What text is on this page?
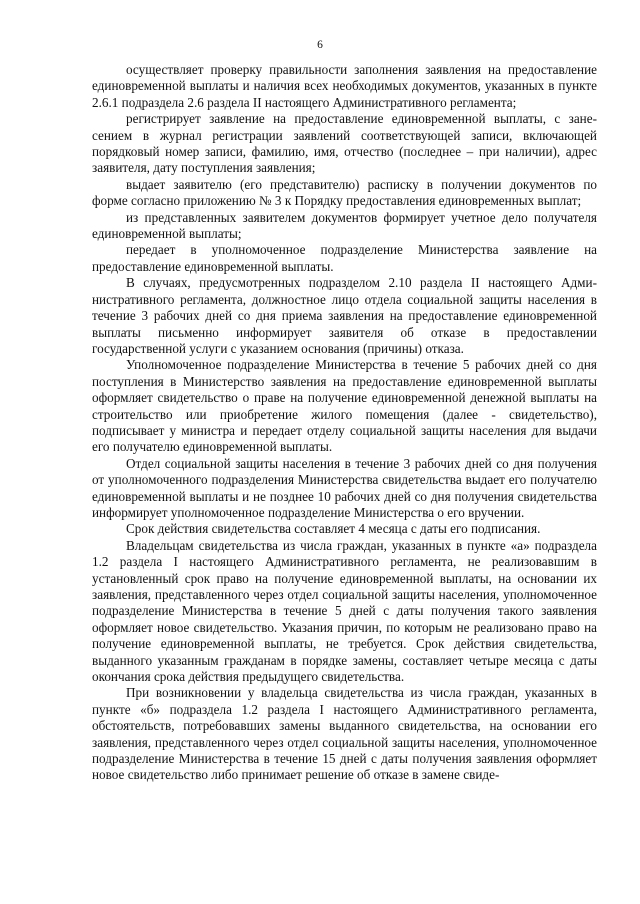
6

осуществляет проверку правильности заполнения заявления на предоставление единовременной выплаты и наличия всех необходимых документов, указанных в пункте 2.6.1 подраздела 2.6 раздела II настоящего Административного регламента;

регистрирует заявление на предоставление единовременной выплаты, с занесением в журнал регистрации заявлений соответствующей записи, включающей порядковый номер записи, фамилию, имя, отчество (последнее – при наличии), адрес заявителя, дату поступления заявления;

выдает заявителю (его представителю) расписку в получении документов по форме согласно приложению № 3 к Порядку предоставления единовременных выплат;

из представленных заявителем документов формирует учетное дело получателя единовременной выплаты;

передает в уполномоченное подразделение Министерства заявление на предоставление единовременной выплаты.

В случаях, предусмотренных подразделом 2.10 раздела II настоящего Административного регламента, должностное лицо отдела социальной защиты населения в течение 3 рабочих дней со дня приема заявления на предоставление единовременной выплаты письменно информирует заявителя об отказе в предоставлении государственной услуги с указанием основания (причины) отказа.

Уполномоченное подразделение Министерства в течение 5 рабочих дней со дня поступления в Министерство заявления на предоставление единовременной выплаты оформляет свидетельство о праве на получение единовременной денежной выплаты на строительство или приобретение жилого помещения (далее - свидетельство), подписывает у министра и передает отделу социальной защиты населения для выдачи его получателю единовременной выплаты.

Отдел социальной защиты населения в течение 3 рабочих дней со дня получения от уполномоченного подразделения Министерства свидетельства выдает его получателю единовременной выплаты и не позднее 10 рабочих дней со дня получения свидетельства информирует уполномоченное подразделение Министерства о его вручении.

Срок действия свидетельства составляет 4 месяца с даты его подписания.

Владельцам свидетельства из числа граждан, указанных в пункте «а» подраздела 1.2 раздела I настоящего Административного регламента, не реализовавшим в установленный срок право на получение единовременной выплаты, на основании их заявления, представленного через отдел социальной защиты населения, уполномоченное подразделение Министерства в течение 5 дней с даты получения такого заявления оформляет новое свидетельство. Указания причин, по которым не реализовано право на получение единовременной выплаты, не требуется. Срок действия свидетельства, выданного указанным гражданам в порядке замены, составляет четыре месяца с даты окончания срока действия предыдущего свидетельства.

При возникновении у владельца свидетельства из числа граждан, указанных в пункте «б» подраздела 1.2 раздела I настоящего Административного регламента, обстоятельств, потребовавших замены выданного свидетельства, на основании его заявления, представленного через отдел социальной защиты населения, уполномоченное подразделение Министерства в течение 15 дней с даты получения заявления оформляет новое свидетельство либо принимает решение об отказе в замене свиде-
